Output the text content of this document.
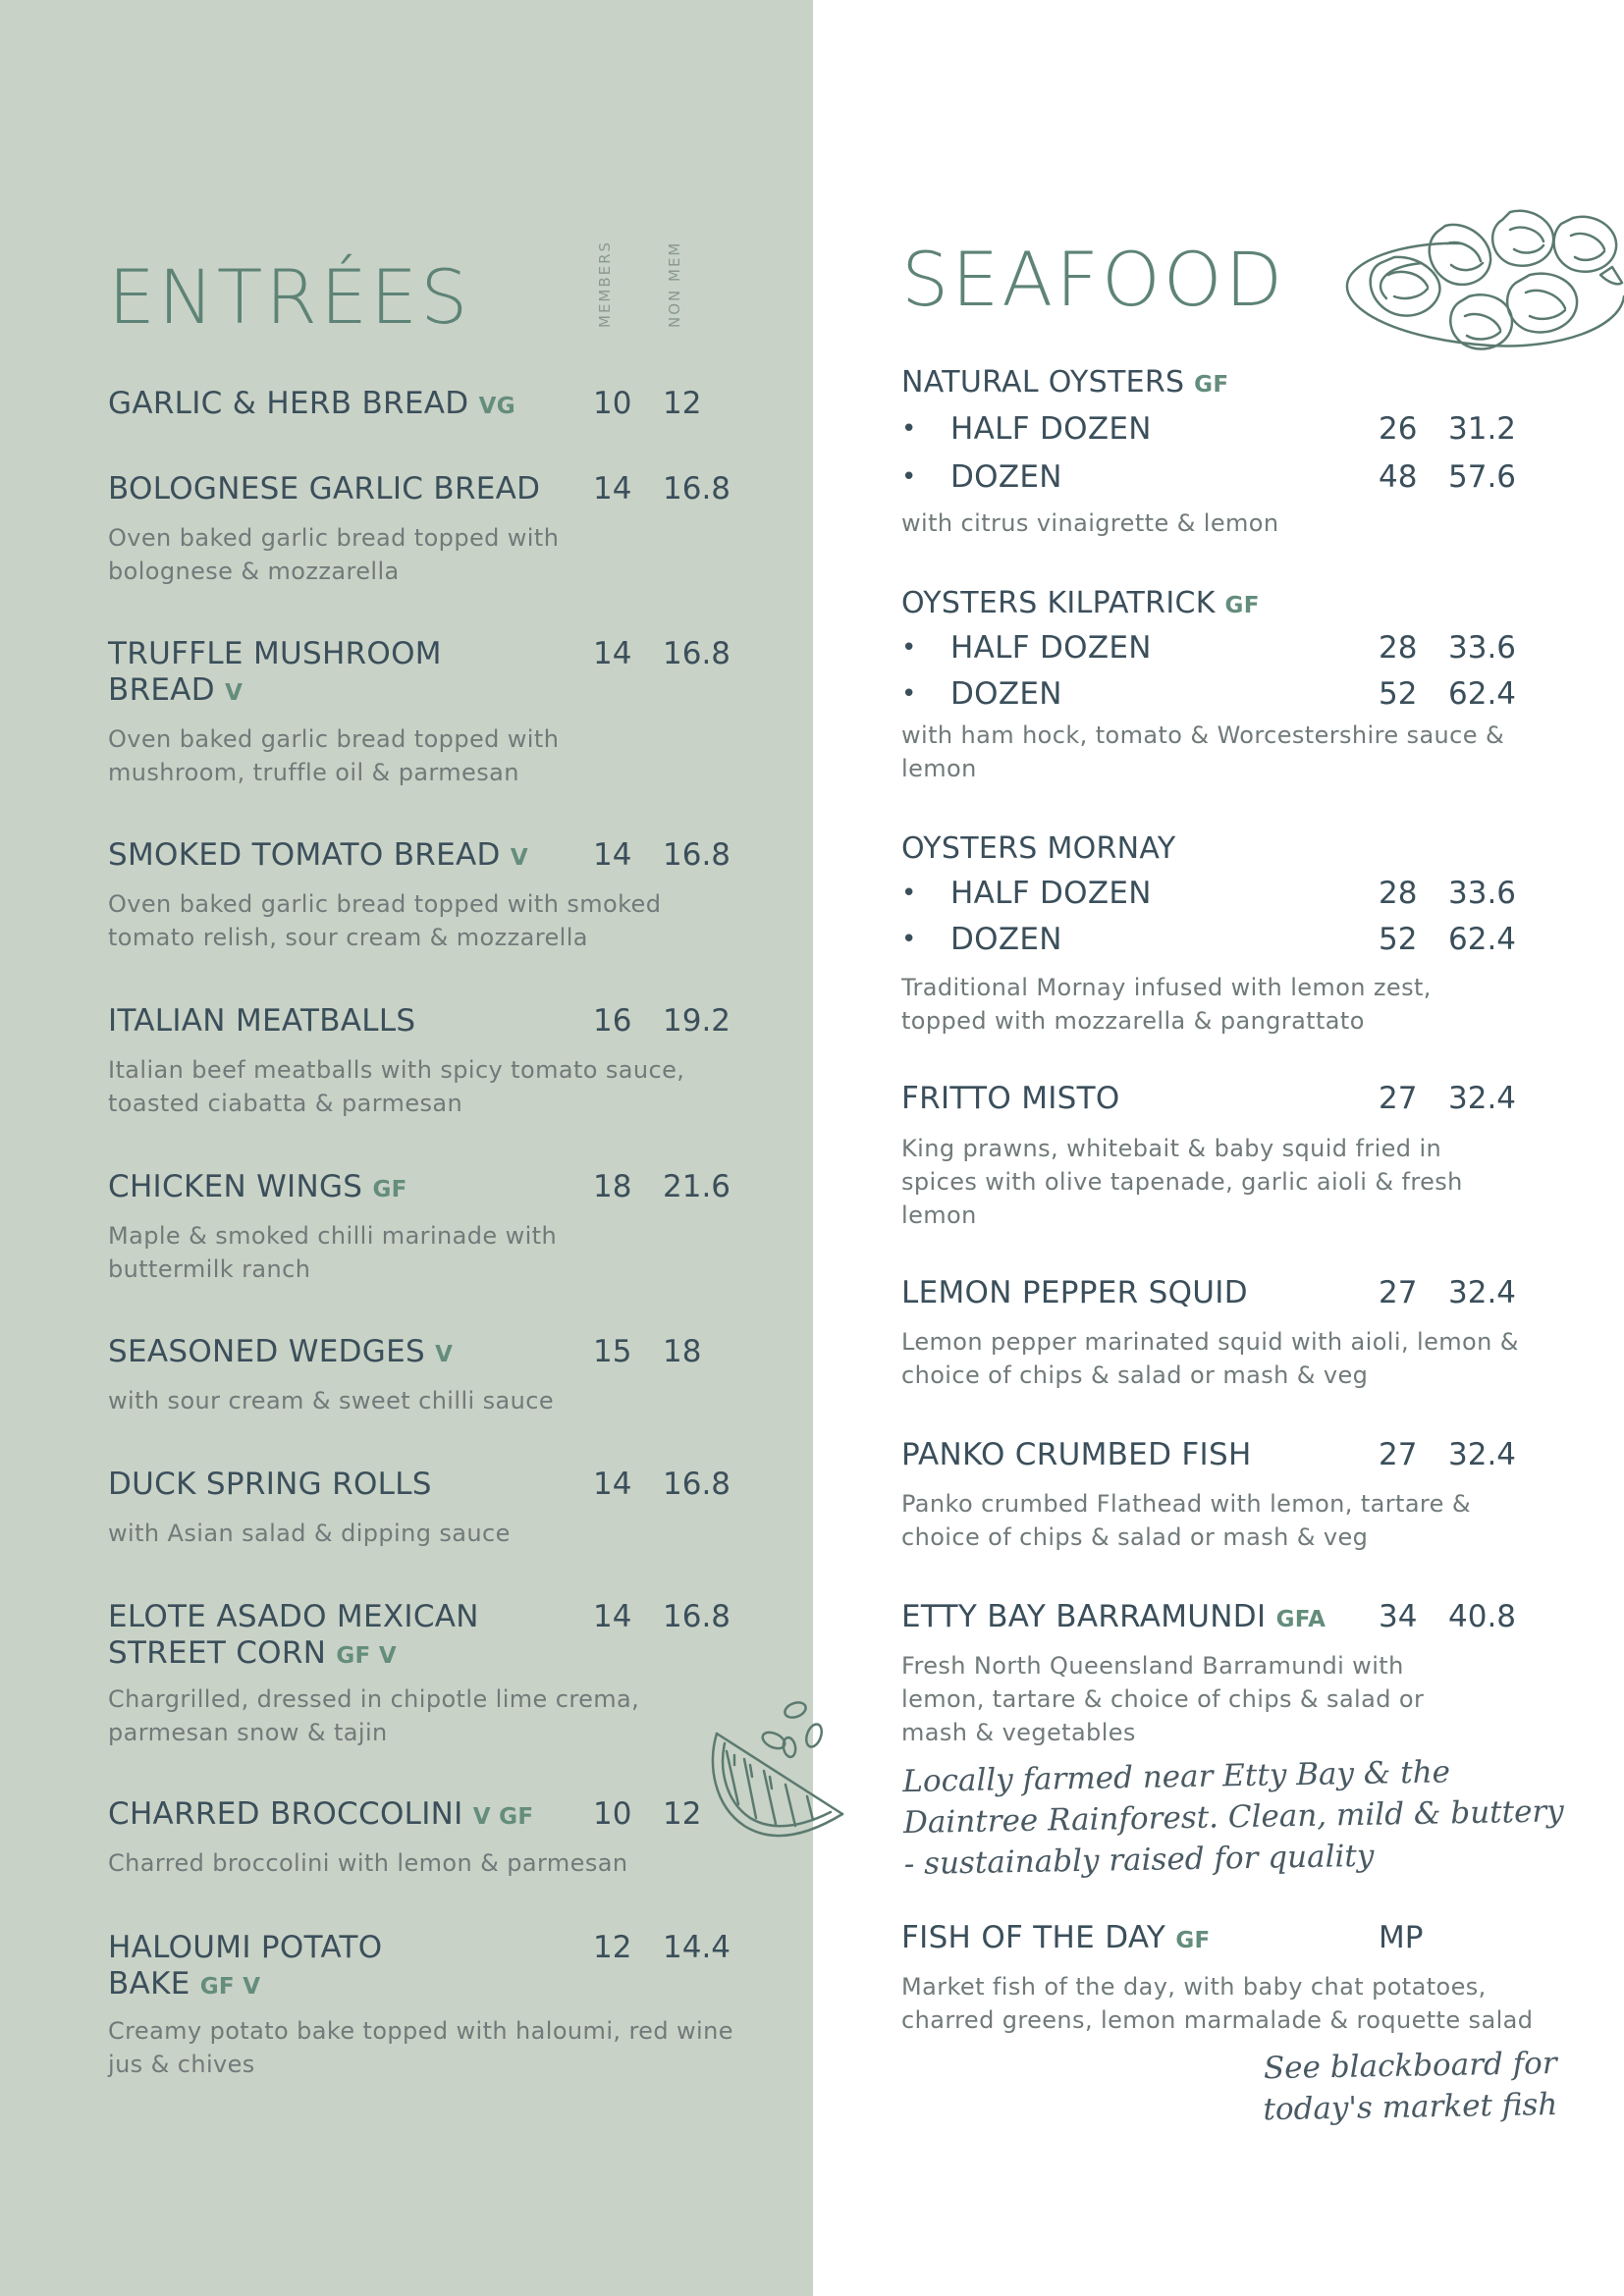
ENTRÉES	MEMBERS	NON MEM
GARLIC & HERB BREAD VG	10 12
BOLOGNESE GARLIC BREAD 14 16.8
Oven baked garlic bread topped with bolognese & mozzarella
TRUFFLE MUSHROOM
BREAD V
14 16.8
Oven baked garlic bread topped with mushroom, truffle oil & parmesan
SMOKED TOMATO BREAD V 14 16.8
Oven baked garlic bread topped with smoked tomato relish, sour cream & mozzarella
ITALIAN MEATBALLS	16 19.2
Italian beef meatballs with spicy tomato sauce, toasted ciabatta & parmesan
CHICKEN WINGS GF	18 21.6
Maple & smoked chilli marinade with buttermilk ranch
SEASONED WEDGES V	15 18
with sour cream & sweet chilli sauce
DUCK SPRING ROLLS	14 16.8
with Asian salad & dipping sauce
ELOTE ASADO MEXICAN
STREET CORN GF V
14 16.8
Chargrilled, dressed in chipotle lime crema, parmesan snow & tajin
CHARRED BROCCOLINI V GF 10 12
Charred broccolini with lemon & parmesan
HALOUMI POTATO
BAKE GF V
12 14.4
Creamy potato bake topped with haloumi, red wine jus & chives
SEAFOOD
NATURAL OYSTERS GF
• HALF DOZEN	26 31.2
• DOZEN	48 57.6
with citrus vinaigrette & lemon
OYSTERS KILPATRICK GF
• HALF DOZEN	28 33.6
• DOZEN	52 62.4
with ham hock, tomato & Worcestershire sauce & lemon
OYSTERS MORNAY
• HALF DOZEN	28 33.6
• DOZEN	52 62.4
Traditional Mornay infused with lemon zest, topped with mozzarella & pangrattato
FRITTO MISTO	27 32.4
King prawns, whitebait & baby squid fried in spices with olive tapenade, garlic aioli & fresh lemon
LEMON PEPPER SQUID	27 32.4
Lemon pepper marinated squid with aioli, lemon & choice of chips & salad or mash & veg
PANKO CRUMBED FISH	27 32.4
Panko crumbed Flathead with lemon, tartare & choice of chips & salad or mash & veg
ETTY BAY BARRAMUNDI GFA 34 40.8
Fresh North Queensland Barramundi with lemon, tartare & choice of chips & salad or mash & vegetables
Locally farmed near Etty Bay & the
Daintree Rainforest. Clean, mild & buttery
- sustainably raised for quality
FISH OF THE DAY GF	MP
Market fish of the day, with baby chat potatoes, charred greens, lemon marmalade & roquette salad
See blackboard for
today's market fish
